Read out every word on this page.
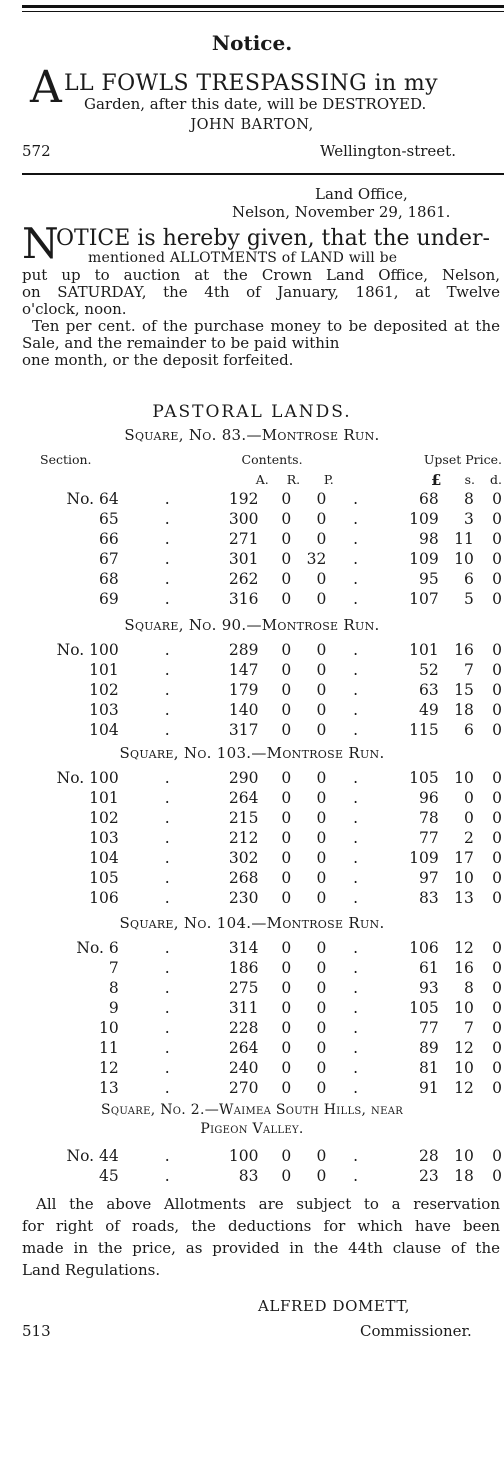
Notice.
A LL FOWLS TRESPASSING in my
Garden, after this date, will be DESTROYED.
JOHN BARTON,
572	Wellington-street.
Land Office,
Nelson, November 29, 1861.
N
OTICE is hereby given, that the under-
mentioned ALLOTMENTS of LAND will be
put up to auction at the Crown Land Office, Nelson,
on SATURDAY, the 4th of January, 1861, at Twelve
o'clock, noon.
Ten per cent. of the purchase money to be deposited at the Sale, and the remainder to be paid within
one month, or the deposit forfeited.
PASTORAL LANDS.
Square, No. 83.—Montrose Run.
Section.		Contents.				Upset Price.		
		A.	R.	P.		£	s.	d.
No. 64	.	192	0	0	.	68	8	0
65	.	300	0	0	.	109	3	0
66	.	271	0	0	.	98	11	0
67	.	301	0	32	.	109	10	0
68	.	262	0	0	.	95	6	0
69	.	316	0	0	.	107	5	0
Square, No. 90.—Montrose Run.
No. 100	.	289	0	0	.	101	16	0
101	.	147	0	0	.	52	7	0
102	.	179	0	0	.	63	15	0
103	.	140	0	0	.	49	18	0
104	.	317	0	0	.	115	6	0
Square, No. 103.—Montrose Run.
No. 100	.	290	0	0	.	105	10	0
101	.	264	0	0	.	96	0	0
102	.	215	0	0	.	78	0	0
103	.	212	0	0	.	77	2	0
104	.	302	0	0	.	109	17	0
105	.	268	0	0	.	97	10	0
106	.	230	0	0	.	83	13	0
Square, No. 104.—Montrose Run.
No. 6	.	314	0	0	.	106	12	0
7	.	186	0	0	.	61	16	0
8	.	275	0	0	.	93	8	0
9	.	311	0	0	.	105	10	0
10	.	228	0	0	.	77	7	0
11	.	264	0	0	.	89	12	0
12	.	240	0	0	.	81	10	0
13	.	270	0	0	.	91	12	0
Square, No. 2.—Waimea South Hills, near
Pigeon Valley.
No. 44	.	100	0	0	.	28	10	0
45	.	83	0	0	.	23	18	0
All the above Allotments are subject to a reservation
for right of roads, the deductions for which have been
made in the price, as provided in the 44th clause of the
Land Regulations.
ALFRED DOMETT,
513	Commissioner.
